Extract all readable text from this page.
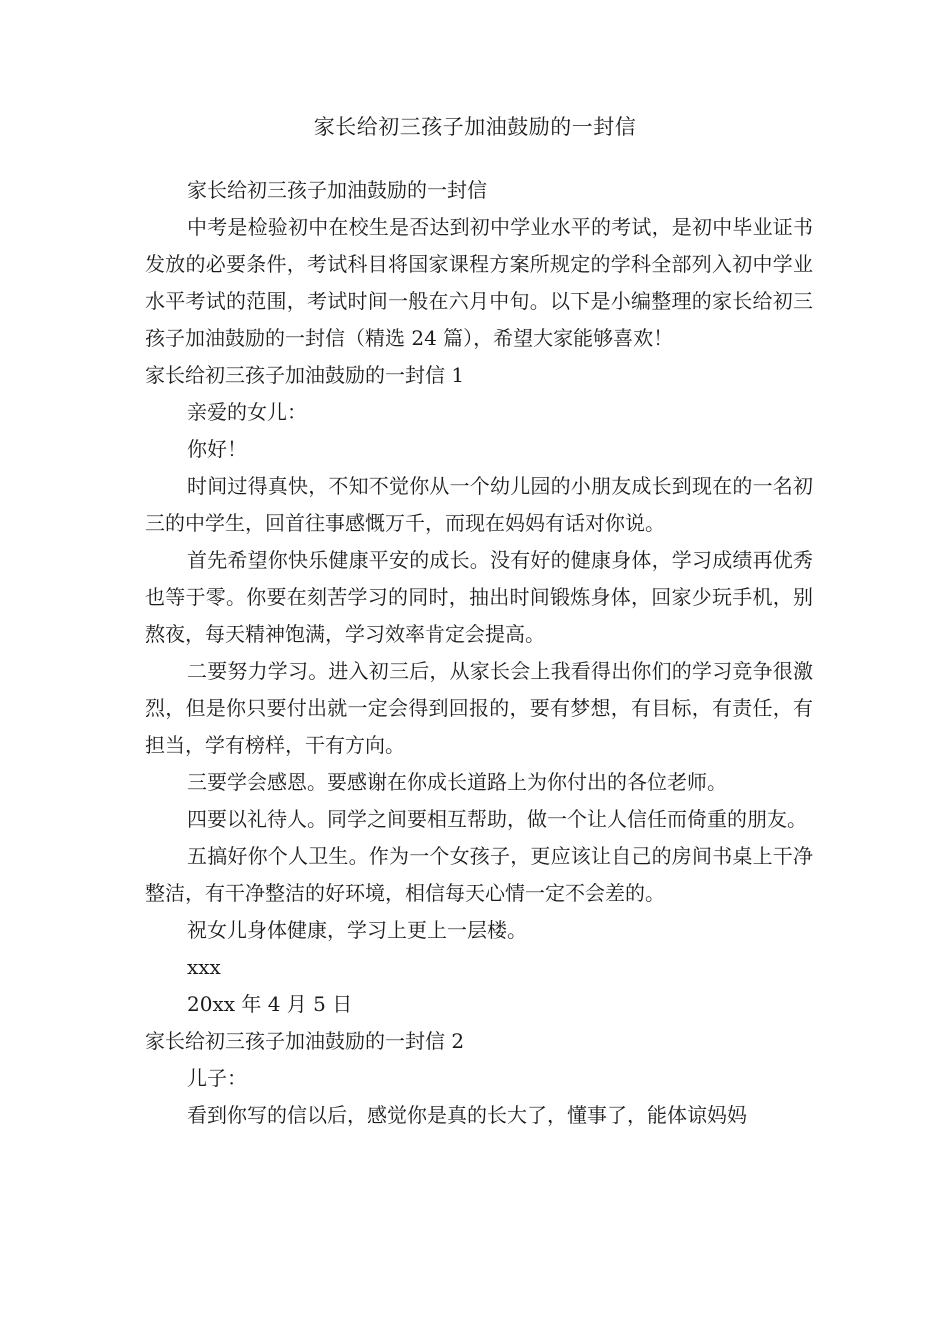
家长给初三孩子加油鼓励的一封信

家长给初三孩子加油鼓励的一封信

中考是检验初中在校生是否达到初中学业水平的考试，是初中毕业证书发放的必要条件，考试科目将国家课程方案所规定的学科全部列入初中学业水平考试的范围，考试时间一般在六月中旬。以下是小编整理的家长给初三孩子加油鼓励的一封信（精选 24 篇），希望大家能够喜欢！

家长给初三孩子加油鼓励的一封信 1

亲爱的女儿：

你好！

时间过得真快，不知不觉你从一个幼儿园的小朋友成长到现在的一名初三的中学生，回首往事感慨万千，而现在妈妈有话对你说。

首先希望你快乐健康平安的成长。没有好的健康身体，学习成绩再优秀也等于零。你要在刻苦学习的同时，抽出时间锻炼身体，回家少玩手机，别熬夜，每天精神饱满，学习效率肯定会提高。

二要努力学习。进入初三后，从家长会上我看得出你们的学习竞争很激烈，但是你只要付出就一定会得到回报的，要有梦想，有目标，有责任，有担当，学有榜样，干有方向。

三要学会感恩。要感谢在你成长道路上为你付出的各位老师。

四要以礼待人。同学之间要相互帮助，做一个让人信任而倚重的朋友。

五搞好你个人卫生。作为一个女孩子，更应该让自己的房间书桌上干净整洁，有干净整洁的好环境，相信每天心情一定不会差的。

祝女儿身体健康，学习上更上一层楼。

xxx

20xx 年 4 月 5 日

家长给初三孩子加油鼓励的一封信 2

儿子：

看到你写的信以后，感觉你是真的长大了，懂事了，能体谅妈妈
